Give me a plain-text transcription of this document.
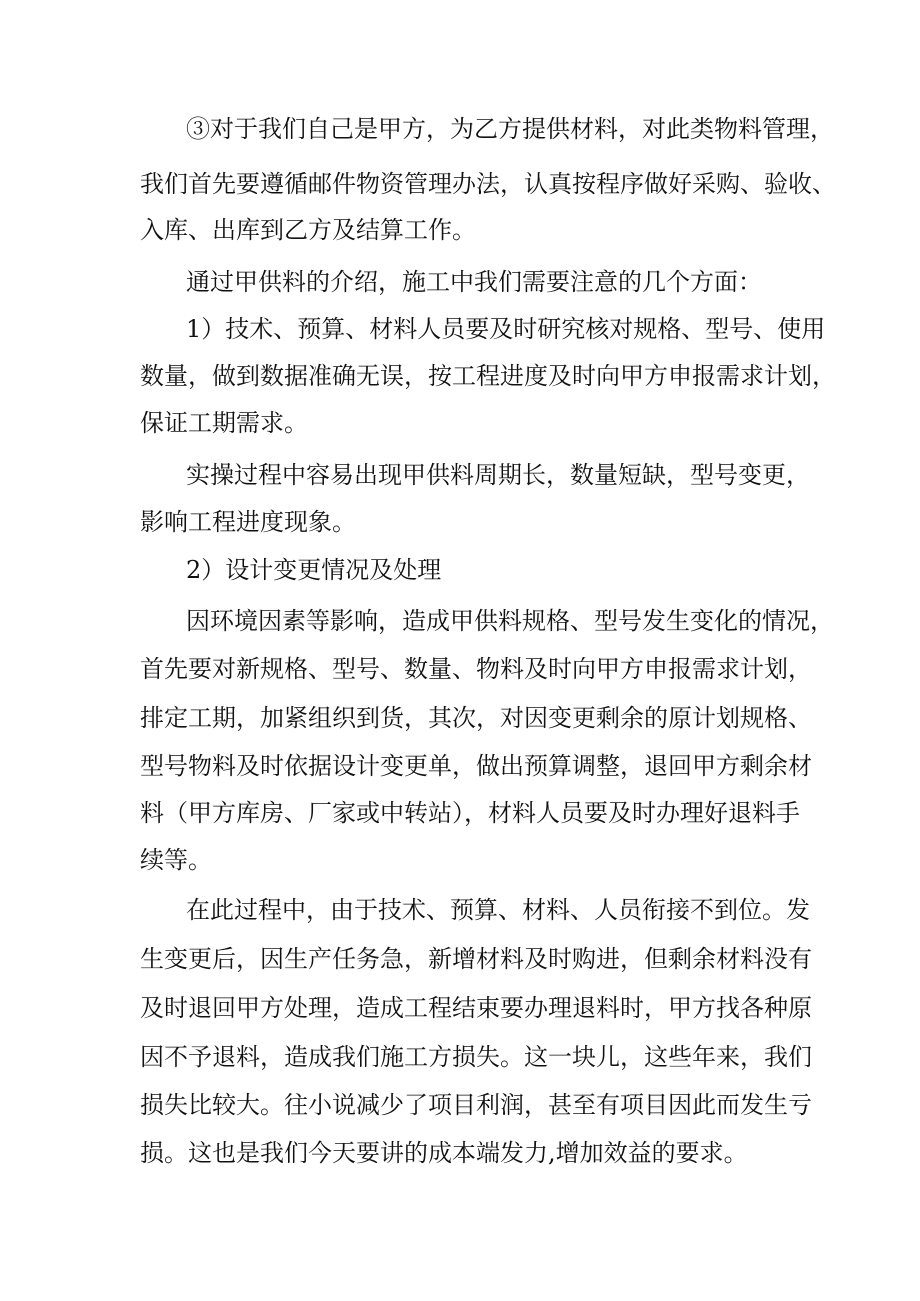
③对于我们自己是甲方，为乙方提供材料，对此类物料管理，

我们首先要遵循邮件物资管理办法，认真按程序做好采购、验收、

入库、出库到乙方及结算工作。

通过甲供料的介绍，施工中我们需要注意的几个方面：

1）技术、预算、材料人员要及时研究核对规格、型号、使用

数量，做到数据准确无误，按工程进度及时向甲方申报需求计划，

保证工期需求。

实操过程中容易出现甲供料周期长，数量短缺，型号变更，

影响工程进度现象。

2）设计变更情况及处理

因环境因素等影响，造成甲供料规格、型号发生变化的情况，

首先要对新规格、型号、数量、物料及时向甲方申报需求计划，

排定工期，加紧组织到货，其次，对因变更剩余的原计划规格、

型号物料及时依据设计变更单，做出预算调整，退回甲方剩余材

料（甲方库房、厂家或中转站），材料人员要及时办理好退料手

续等。

在此过程中，由于技术、预算、材料、人员衔接不到位。发

生变更后，因生产任务急，新增材料及时购进，但剩余材料没有

及时退回甲方处理，造成工程结束要办理退料时，甲方找各种原

因不予退料，造成我们施工方损失。这一块儿，这些年来，我们

损失比较大。往小说减少了项目利润，甚至有项目因此而发生亏

损。这也是我们今天要讲的成本端发力,增加效益的要求。
